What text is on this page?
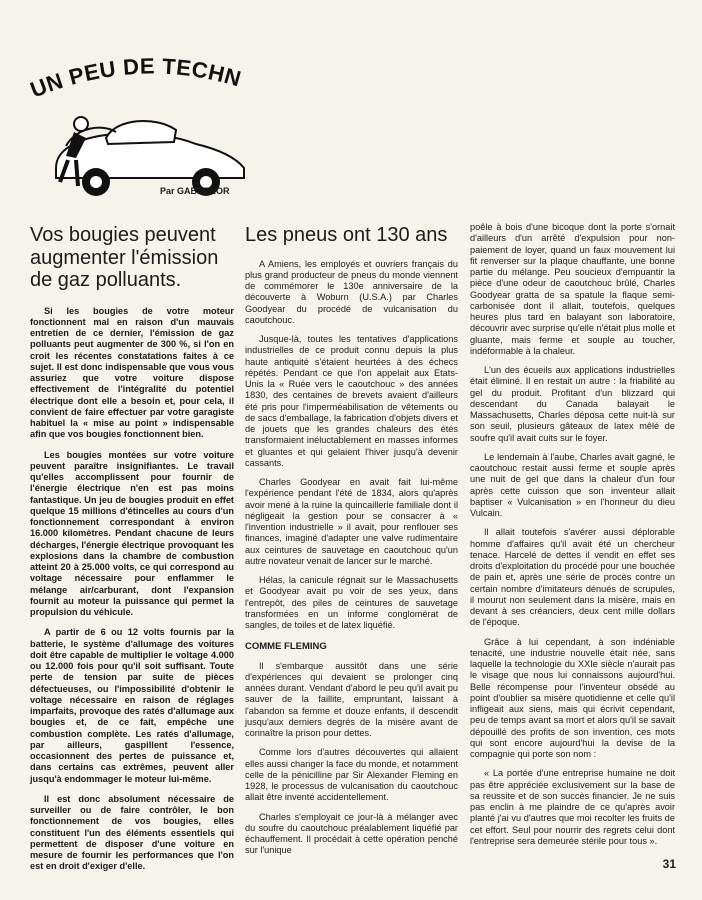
UN PEU DE TECHN
Par GABDENOR
Vos bougies peuvent augmenter l'émission de gaz polluants.

Si les bougies de votre moteur fonctionnent mal en raison d'un mauvais entretien de ce dernier, l'émission de gaz polluants peut augmenter de 300 %, si l'on en croit les récentes constatations faites à ce sujet. Il est donc indispensable que vous vous assuriez que votre voiture dispose effectivement de l'intégralité du potentiel électrique dont elle a besoin et, pour cela, il convient de faire effectuer par votre garagiste habituel la « mise au point » indispensable afin que vos bougies fonctionnent bien.

Les bougies montées sur votre voiture peuvent paraître insignifiantes. Le travail qu'elles accomplissent pour fournir de l'énergie électrique n'en est pas moins fantastique. Un jeu de bougies produit en effet quelque 15 millions d'étincelles au cours d'un fonctionnement correspondant à environ 16.000 kilomètres. Pendant chacune de leurs décharges, l'énergie électrique provoquant les explosions dans la chambre de combustion atteint 20 à 25.000 volts, ce qui correspond au voltage nécessaire pour enflammer le mélange air/carburant, dont l'expansion fournit au moteur la puissance qui permet la propulsion du véhicule.

A partir de 6 ou 12 volts fournis par la batterie, le système d'allumage des voitures doit être capable de multiplier le voltage 4.000 ou 12.000 fois pour qu'il soit suffisant. Toute perte de tension par suite de pièces défectueuses, ou l'impossibilité d'obtenir le voltage nécessaire en raison de réglages imparfaits, provoque des ratés d'allumage aux bougies et, de ce fait, empêche une combustion complète. Les ratés d'allumage, par ailleurs, gaspillent l'essence, occasionnent des pertes de puissance et, dans certains cas extrêmes, peuvent aller jusqu'à endommager le moteur lui-même.

Il est donc absolument nécessaire de surveiller ou de faire contrôler, le bon fonctionnement de vos bougies, elles constituent l'un des éléments essentiels qui permettent de disposer d'une voiture en mesure de fournir les performances que l'on est en droit d'exiger d'elle.

Les pneus ont 130 ans

A Amiens, les employés et ouvriers français du plus grand producteur de pneus du monde viennent de commémorer le 130e anniversaire de la découverte à Woburn (U.S.A.) par Charles Goodyear du procédé de vulcanisation du caoutchouc.

Jusque-là, toutes les tentatives d'applications industrielles de ce produit connu depuis la plus haute antiquité s'étaient heurtées à des échecs répétés. Pendant ce que l'on appelait aux Etats-Unis la « Ruée vers le caoutchouc » des années 1830, des centaines de brevets avaient d'ailleurs été pris pour l'imperméabilisation de vêtements ou de sacs d'emballage, la fabrication d'objets divers et de jouets que les grandes chaleurs des étés transformaient inéluctablement en masses informes et gluantes et qui gelaient l'hiver jusqu'à devenir cassants.

Charles Goodyear en avait fait lui-même l'expérience pendant l'été de 1834, alors qu'après avoir mené à la ruine la quincaillerie familiale dont il négligeait la gestion pour se consacrer à « l'invention industrielle » il avait, pour renflouer ses finances, imaginé d'adapter une valve rudimentaire aux ceintures de sauvetage en caoutchouc qu'un autre novateur venait de lancer sur le marché.

Hélas, la canicule régnait sur le Massachusetts et Goodyear avait pu voir de ses yeux, dans l'entrepôt, des piles de ceintures de sauvetage transformées en un informe conglomérat de sangles, de toiles et de latex liquéfié.

COMME FLEMING

Il s'embarque aussitôt dans une série d'expériences qui devaient se prolonger cinq années durant. Vendant d'abord le peu qu'il avait pu sauver de la faillite, empruntant, laissant à l'abandon sa femme et douze enfants, il descendit jusqu'aux derniers degrés de la misère avant de connaître la prison pour dettes.

Comme lors d'autres découvertes qui allaient elles aussi changer la face du monde, et notamment celle de la pénicilline par Sir Alexander Fleming en 1928, le processus de vulcanisation du caoutchouc allait être inventé accidentellement.

Charles s'employait ce jour-là à mélanger avec du soufre du caoutchouc préalablement liquéfié par échauffement. Il procédait à cette opération penché sur l'unique

poêle à bois d'une bicoque dont la porte s'ornait d'ailleurs d'un arrêté d'expulsion pour non-paiement de loyer, quand un faux mouvement lui fit renverser sur la plaque chauffante, une bonne partie du mélange. Peu soucieux d'empuantir la pièce d'une odeur de caoutchouc brûlé, Charles Goodyear gratta de sa spatule la flaque semi-carbonisée dont il allait, toutefois, quelques heures plus tard en balayant son laboratoire, découvrir avec surprise qu'elle n'était plus molle et gluante, mais ferme et souple au toucher, indéformable à la chaleur.

L'un des écueils aux applications industrielles était éliminé. Il en restait un autre : la friabilité au gel du produit. Profitant d'un blizzard qui descendant du Canada balayait le Massachusetts, Charles déposa cette nuit-là sur son seuil, plusieurs gâteaux de latex mêlé de soufre qu'il avait cuits sur le foyer.

Le lendemain à l'aube, Charles avait gagné, le caoutchouc restait aussi ferme et souple après une nuit de gel que dans la chaleur d'un four après cette cuisson que son inventeur allait baptiser « Vulcanisation » en l'honneur du dieu Vulcain.

Il allait toutefois s'avérer aussi déplorable homme d'affaires qu'il avait été un chercheur tenace. Harcelé de dettes il vendit en effet ses droits d'exploitation du procédé pour une bouchée de pain et, après une série de procès contre un certain nombre d'imitateurs dénués de scrupules, il mourut non seulement dans la misère, mais en devant à ses créanciers, deux cent mille dollars de l'époque.

Grâce à lui cependant, à son indéniable tenacité, une industrie nouvelle était née, sans laquelle la technologie du XXIe siècle n'aurait pas le visage que nous lui connaissons aujourd'hui. Belle récompense pour l'inventeur obsédé au point d'oublier sa misère quotidienne et celle qu'il infligeait aux siens, mais qui écrivit cependant, peu de temps avant sa mort et alors qu'il se savait dépouillé des profits de son invention, ces mots qui sont encore aujourd'hui la devise de la compagnie qui porte son nom :

« La portée d'une entreprise humaine ne doit pas être appréciée exclusivement sur la base de sa reussite et de son succès financier. Je ne suis pas enclin à me plaindre de ce qu'après avoir planté j'ai vu d'autres que moi recolter les fruits de cet effort. Seul pour nourrir des regrets celui dont l'entreprise sera demeurée stérile pour tous ».

31
